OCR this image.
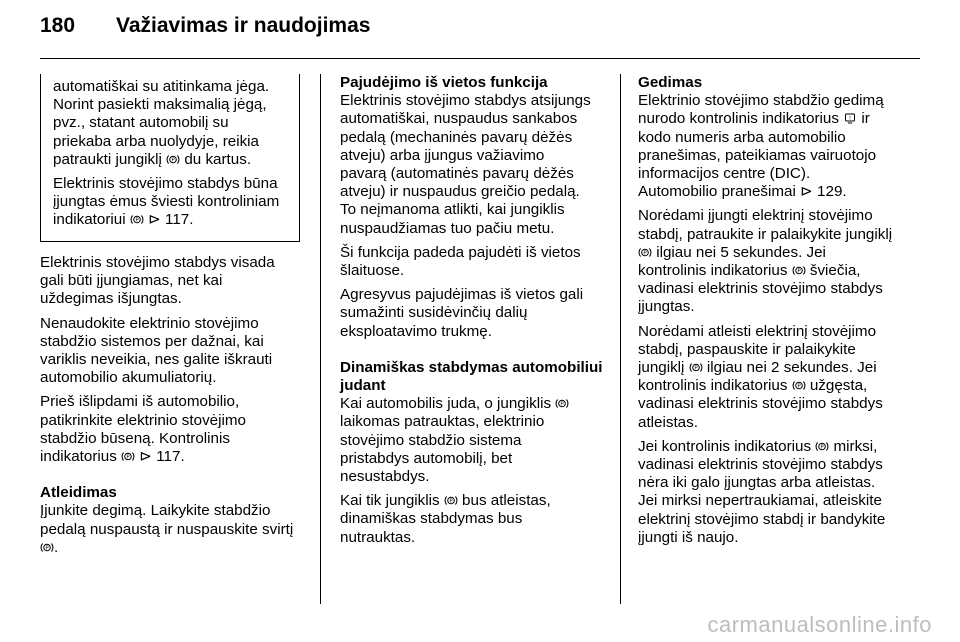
180 Važiavimas ir naudojimas

automatiškai su atitinkama jėga.
Norint pasiekti maksimalią jėgą,
pvz., statant automobilį su
priekaba arba nuolydyje, reikia
patraukti jungiklį P du kartus.

Elektrinis stovėjimo stabdys būna
įjungtas ėmus šviesti kontroliniam
indikatoriui P ⊳ 117.

Elektrinis stovėjimo stabdys visada
gali būti įjungiamas, net kai
uždegimas išjungtas.

Nenaudokite elektrinio stovėjimo
stabdžio sistemos per dažnai, kai
variklis neveikia, nes galite iškrauti
automobilio akumuliatorių.

Prieš išlipdami iš automobilio,
patikrinkite elektrinio stovėjimo
stabdžio būseną. Kontrolinis
indikatorius P ⊳ 117.

Atleidimas

Įjunkite degimą. Laikykite stabdžio
pedalą nuspaustą ir nuspauskite svirtį

P .

Pajudėjimo iš vietos funkcija

Elektrinis stovėjimo stabdys atsijungs
automatiškai, nuspaudus sankabos
pedalą (mechaninės pavarų dėžės
atveju) arba įjungus važiavimo
pavarą (automatinės pavarų dėžės
atveju) ir nuspaudus greičio pedalą.
To neįmanoma atlikti, kai jungiklis
nuspaudžiamas tuo pačiu metu.

Ši funkcija padeda pajudėti iš vietos
šlaituose.

Agresyvus pajudėjimas iš vietos gali
sumažinti susidėvinčių dalių
eksploatavimo trukmę.

Dinamiškas stabdymas automobiliui
judant

Kai automobilis juda, o jungiklis P

laikomas patrauktas, elektrinio
stovėjimo stabdžio sistema
pristabdys automobilį, bet
nesustabdys.

Kai tik jungiklis P bus atleistas,
dinamiškas stabdymas bus
nutrauktas.

Gedimas

Elektrinio stovėjimo stabdžio gedimą
nurodo kontrolinis indikatorius ! ir
kodo numeris arba automobilio
pranešimas, pateikiamas vairuotojo
informacijos centre (DIC).
Automobilio pranešimai ⊳ 129.

Norėdami įjungti elektrinį stovėjimo
stabdį, patraukite ir palaikykite jungiklį

P ilgiau nei 5 sekundes. Jei
kontrolinis indikatorius P šviečia,
vadinasi elektrinis stovėjimo stabdys
įjungtas.

Norėdami atleisti elektrinį stovėjimo
stabdį, paspauskite ir palaikykite
jungiklį P ilgiau nei 2 sekundes. Jei
kontrolinis indikatorius P užgęsta,
vadinasi elektrinis stovėjimo stabdys
atleistas.

Jei kontrolinis indikatorius P mirksi,
vadinasi elektrinis stovėjimo stabdys
nėra iki galo įjungtas arba atleistas.
Jei mirksi nepertraukiamai, atleiskite
elektrinį stovėjimo stabdį ir bandykite
įjungti iš naujo.

carmanualsonline.info
